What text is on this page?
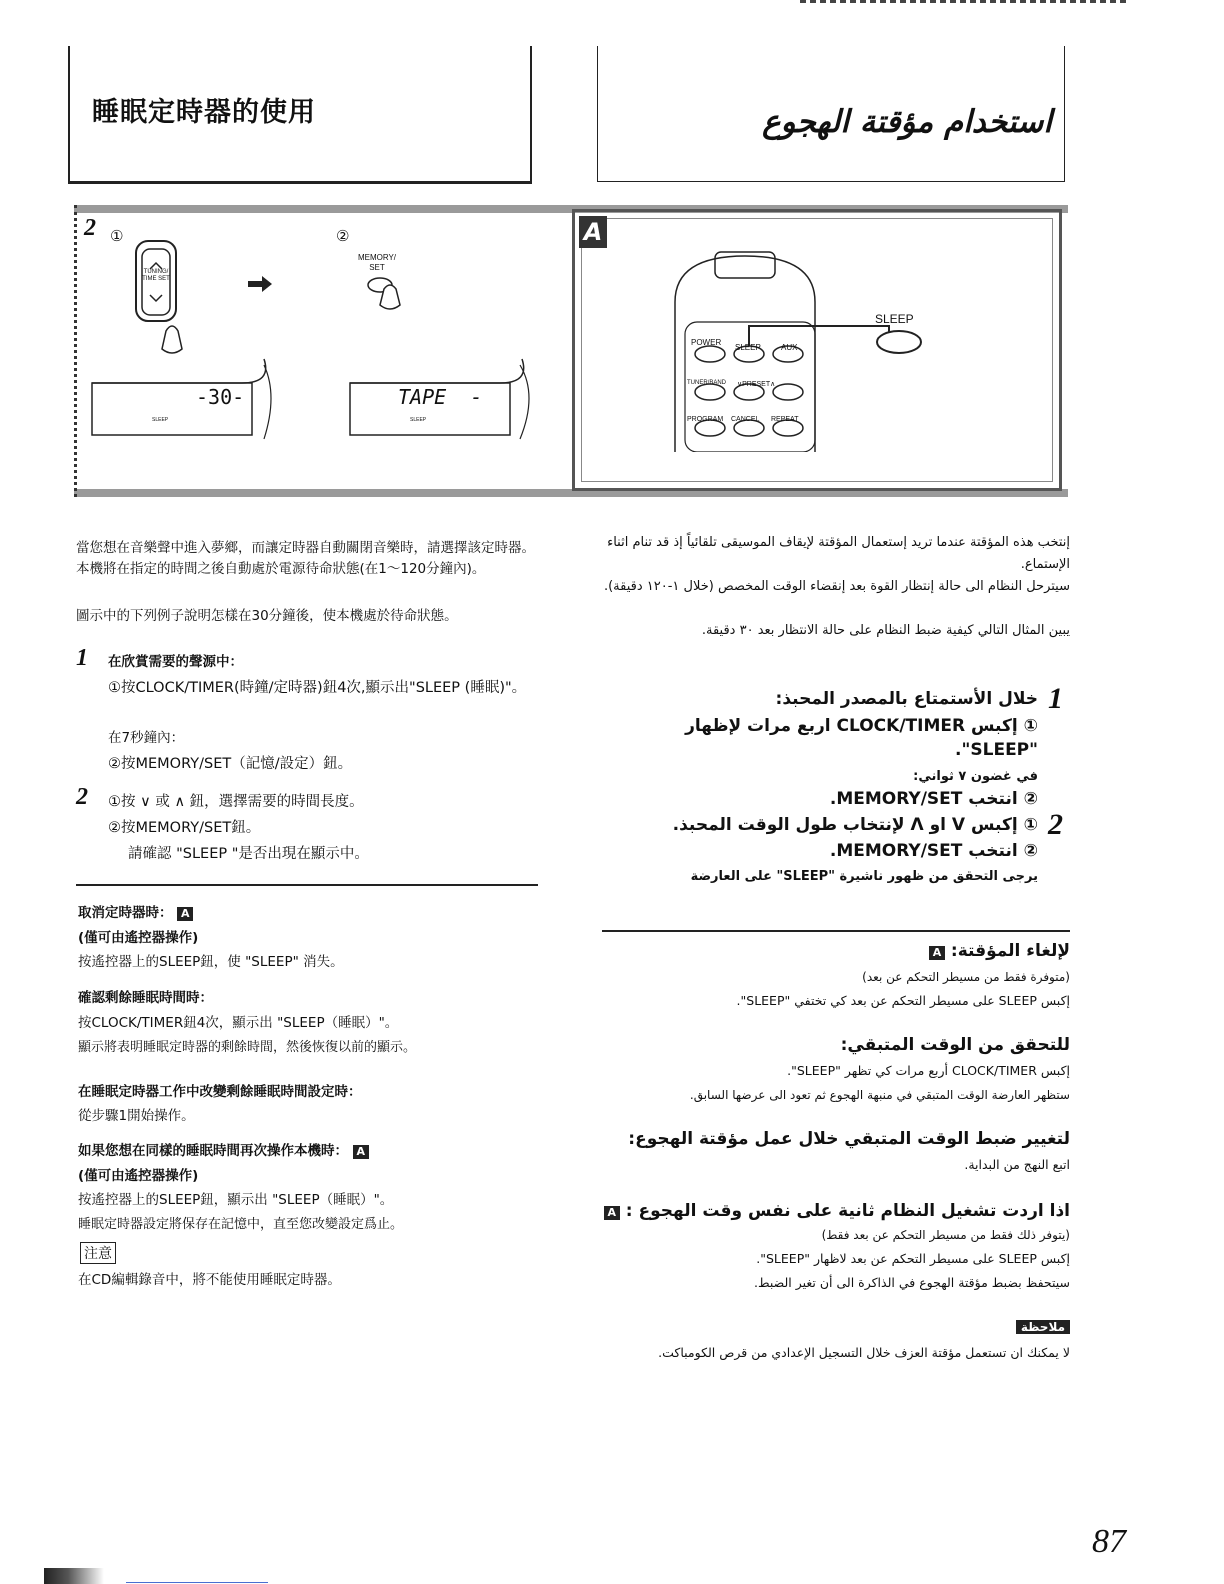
睡眠定時器的使用	استخدام مؤقتة الهجوع
2 ①	②
TUNING/ TIME SET
MEMORY/ SET
-30-
SLEEP
TAPE  -
SLEEP
A
SLEEP
POWER
SLEEP	AUX
TUNER/BAND ∨PRESET∧
PROGRAM CANCEL REPEAT
當您想在音樂聲中進入夢鄉，而讓定時器自動關閉音樂時，請選擇該定時器。本機將在指定的時間之後自動處於電源待命狀態(在1～120分鐘內)。
圖示中的下列例子說明怎樣在30分鐘後，使本機處於待命狀態。
1 在欣賞需要的聲源中：
①按CLOCK/TIMER(時鐘/定時器)鈕4次,顯示出"SLEEP (睡眠)"。
在7秒鐘內：
②按MEMORY/SET（記憶/設定）鈕。
2 ①按 ∨ 或 ∧ 鈕，選擇需要的時間長度。
②按MEMORY/SET鈕。
請確認 "SLEEP "是否出現在顯示中。
取消定時器時： A
(僅可由遙控器操作)
按遙控器上的SLEEP鈕，使 "SLEEP" 消失。
確認剩餘睡眠時間時：
按CLOCK/TIMER鈕4次，顯示出 "SLEEP（睡眠）"。
顯示將表明睡眠定時器的剩餘時間，然後恢復以前的顯示。
在睡眠定時器工作中改變剩餘睡眠時間設定時：
從步驟1開始操作。
如果您想在同樣的睡眠時間再次操作本機時： A
(僅可由遙控器操作)
按遙控器上的SLEEP鈕，顯示出 "SLEEP（睡眠）"。
睡眠定時器設定將保存在記憶中，直至您改變設定爲止。
注意
在CD編輯錄音中，將不能使用睡眠定時器。
إنتخب هذه المؤقتة عندما تريد إستعمال المؤقتة لإيقاف الموسيقى تلقائياً إذ قد تنام اثناء الإستماع.
سيترحل النظام الى حالة إنتظار القوة بعد إنقضاء الوقت المخصص (خلال ١-١٢٠ دقيقة).
يبين المثال التالي كيفية ضبط النظام على حالة الانتظار بعد ٣٠ دقيقة.
1
خلال الأستمتاع بالمصدر المحبذ:
① إكبس CLOCK/TIMER اربع مرات لإظهار "SLEEP".
في غضون ٧ ثواني:
② انتخب MEMORY/SET.
2
① إكبس V او Λ لإنتخاب طول الوقت المحبذ.
② انتخب MEMORY/SET.
يرجى التحقق من ظهور ناشيرة "SLEEP" على العارضة
لإلغاء المؤقتة: A
(متوفرة فقط من مسيطر التحكم عن بعد)
إكبس SLEEP على مسيطر التحكم عن بعد كي تختفي "SLEEP".
للتحقق من الوقت المتبقي:
إكبس CLOCK/TIMER أربع مرات كي تظهر "SLEEP".
ستظهر العارضة الوقت المتبقي في منبهة الهجوع ثم تعود الى عرضها السابق.
لتغيير ضبط الوقت المتبقي خلال عمل مؤقتة الهجوع:
اتبع النهج من البداية.
اذا اردت تشغيل النظام ثانية على نفس وقت الهجوع : A
(يتوفر ذلك فقط من مسيطر التحكم عن بعد فقط)
إكبس SLEEP على مسيطر التحكم عن بعد لاظهار "SLEEP".
سيتحفظ بضبط مؤقتة الهجوع في الذاكرة الى أن تغير الضبط.
ملاحظة
لا يمكنك ان تستعمل مؤقتة العزف خلال التسجيل الإعدادي من قرص الكومباكت.
87
